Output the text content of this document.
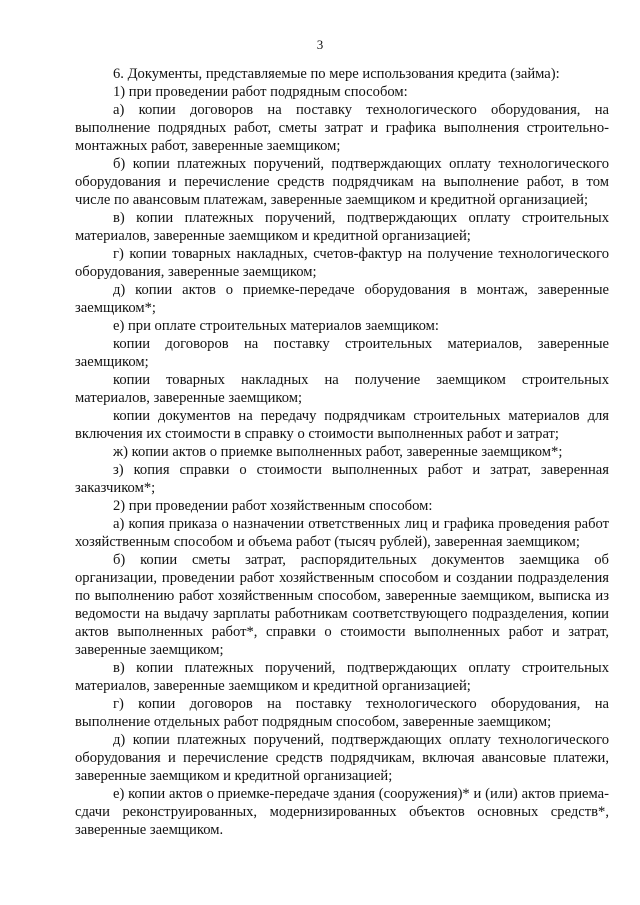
3

6. Документы, представляемые по мере использования кредита (займа):

1) при проведении работ подрядным способом:

а) копии договоров на поставку технологического оборудования, на выполнение подрядных работ, сметы затрат и графика выполнения строительно-монтажных работ, заверенные заемщиком;

б) копии платежных поручений, подтверждающих оплату технологического оборудования и перечисление средств подрядчикам на выполнение работ, в том числе по авансовым платежам, заверенные заемщиком и кредитной организацией;

в) копии платежных поручений, подтверждающих оплату строительных материалов, заверенные заемщиком и кредитной организацией;

г) копии товарных накладных, счетов-фактур на получение технологического оборудования, заверенные заемщиком;

д) копии актов о приемке-передаче оборудования в монтаж, заверенные заемщиком*;

е) при оплате строительных материалов заемщиком:

копии договоров на поставку строительных материалов, заверенные заемщиком;

копии товарных накладных на получение заемщиком строительных материалов, заверенные заемщиком;

копии документов на передачу подрядчикам строительных материалов для включения их стоимости в справку о стоимости выполненных работ и затрат;

ж) копии актов о приемке выполненных работ, заверенные заемщиком*;

з) копия справки о стоимости выполненных работ и затрат, заверенная заказчиком*;

2) при проведении работ хозяйственным способом:

а) копия приказа о назначении ответственных лиц и графика проведения работ хозяйственным способом и объема работ (тысяч рублей), заверенная заемщиком;

б) копии сметы затрат, распорядительных документов заемщика об организации, проведении работ хозяйственным способом и создании подразделения по выполнению работ хозяйственным способом, заверенные заемщиком, выписка из ведомости на выдачу зарплаты работникам соответствующего подразделения, копии актов выполненных работ*, справки о стоимости выполненных работ и затрат, заверенные заемщиком;

в) копии платежных поручений, подтверждающих оплату строительных материалов, заверенные заемщиком и кредитной организацией;

г) копии договоров на поставку технологического оборудования, на выполнение отдельных работ подрядным способом, заверенные заемщиком;

д) копии платежных поручений, подтверждающих оплату технологического оборудования и перечисление средств подрядчикам, включая авансовые платежи, заверенные заемщиком и кредитной организацией;

е) копии актов о приемке-передаче здания (сооружения)* и (или) актов приема-сдачи реконструированных, модернизированных объектов основных средств*, заверенные заемщиком.
